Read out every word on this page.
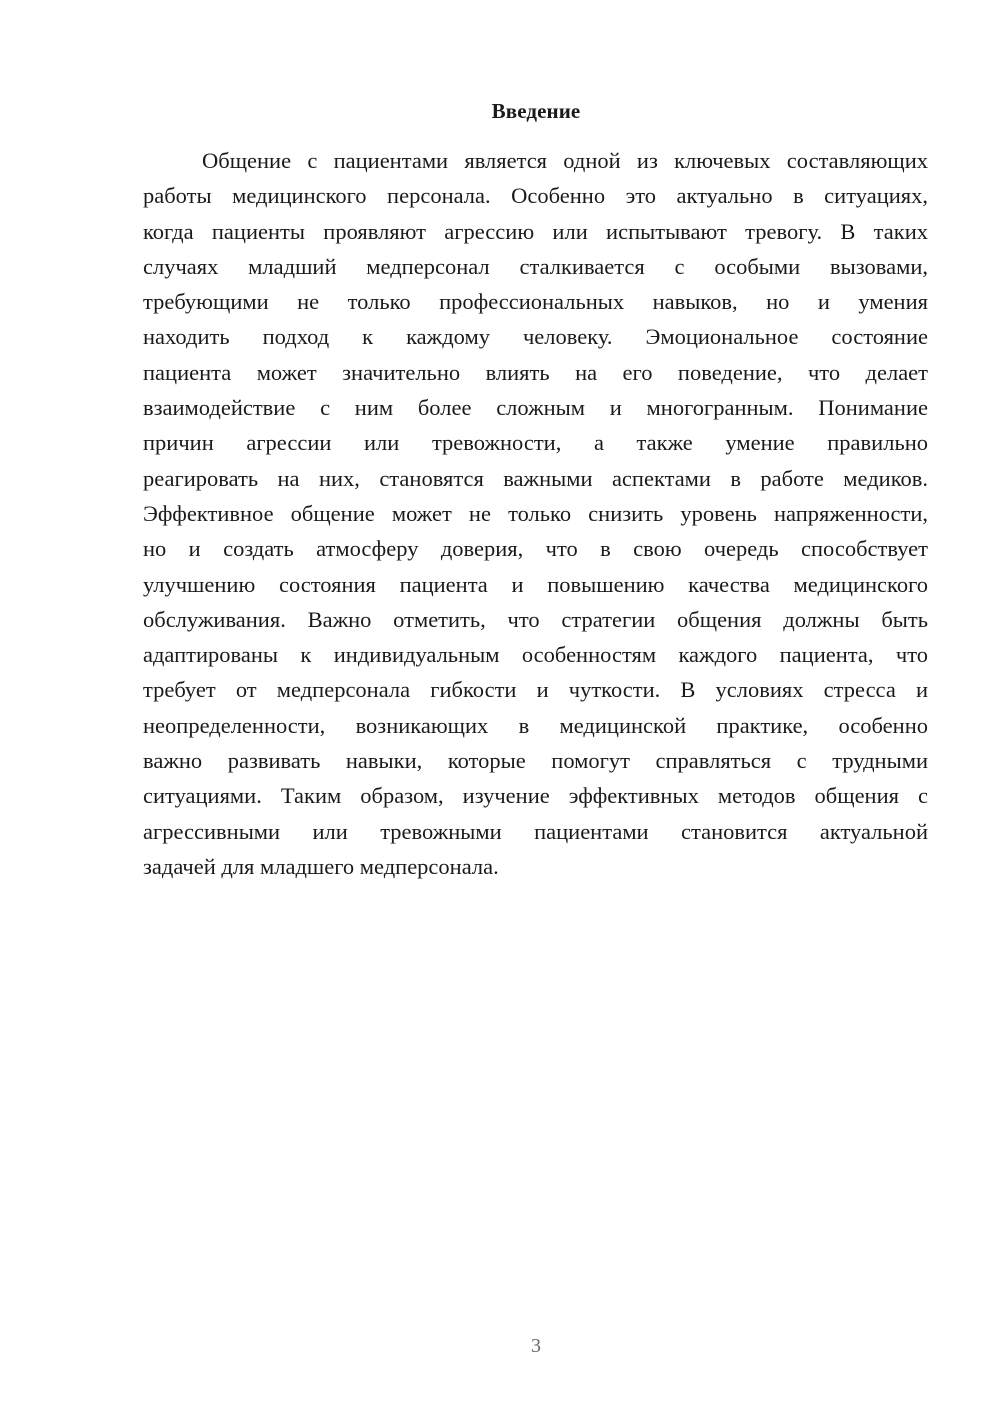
Введение
Общение с пациентами является одной из ключевых составляющих
работы медицинского персонала. Особенно это актуально в ситуациях,
когда пациенты проявляют агрессию или испытывают тревогу. В таких
случаях младший медперсонал сталкивается с особыми вызовами,
требующими не только профессиональных навыков, но и умения
находить подход к каждому человеку. Эмоциональное состояние
пациента может значительно влиять на его поведение, что делает
взаимодействие с ним более сложным и многогранным. Понимание
причин агрессии или тревожности, а также умение правильно
реагировать на них, становятся важными аспектами в работе медиков.
Эффективное общение может не только снизить уровень напряженности,
но и создать атмосферу доверия, что в свою очередь способствует
улучшению состояния пациента и повышению качества медицинского
обслуживания. Важно отметить, что стратегии общения должны быть
адаптированы к индивидуальным особенностям каждого пациента, что
требует от медперсонала гибкости и чуткости. В условиях стресса и
неопределенности, возникающих в медицинской практике, особенно
важно развивать навыки, которые помогут справляться с трудными
ситуациями. Таким образом, изучение эффективных методов общения с
агрессивными или тревожными пациентами становится актуальной
задачей для младшего медперсонала.
3
